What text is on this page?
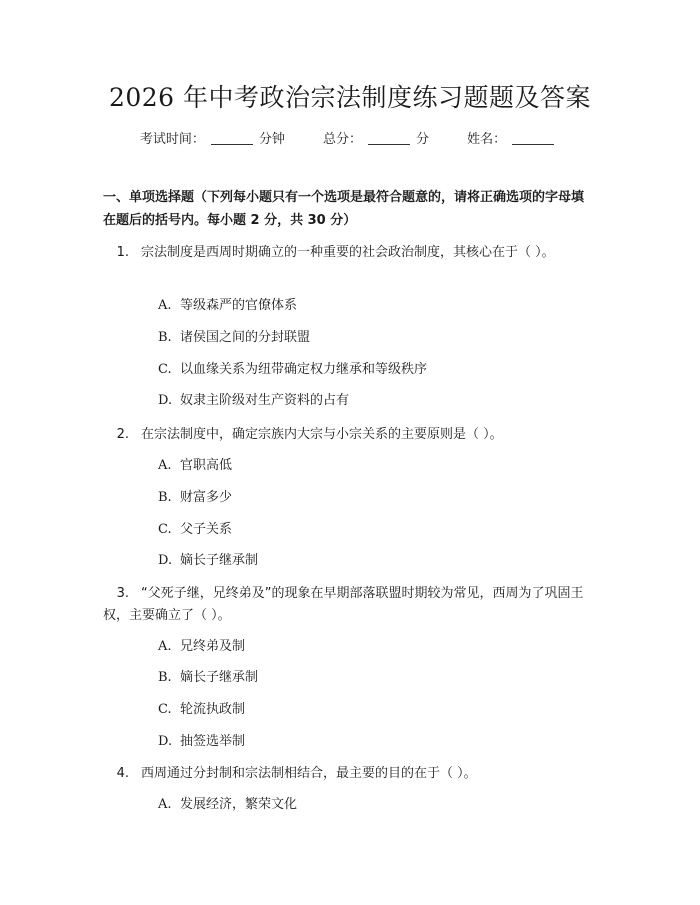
2026 年中考政治宗法制度练习题题及答案
考试时间：	分钟	总分：	分	姓名：
一、单项选择题（下列每小题只有一个选项是最符合题意的，请将正确选项的字母填在题后的括号内。每小题 2 分，共 30 分）
1. 宗法制度是西周时期确立的一种重要的社会政治制度，其核心在于（ ）。
A. 等级森严的官僚体系
B. 诸侯国之间的分封联盟
C. 以血缘关系为纽带确定权力继承和等级秩序
D. 奴隶主阶级对生产资料的占有
2. 在宗法制度中，确定宗族内大宗与小宗关系的主要原则是（ ）。
A. 官职高低
B. 财富多少
C. 父子关系
D. 嫡长子继承制
3. “父死子继，兄终弟及”的现象在早期部落联盟时期较为常见，西周为了巩固王权，主要确立了（ ）。
A. 兄终弟及制
B. 嫡长子继承制
C. 轮流执政制
D. 抽签选举制
4. 西周通过分封制和宗法制相结合，最主要的目的在于（ ）。
A. 发展经济，繁荣文化
